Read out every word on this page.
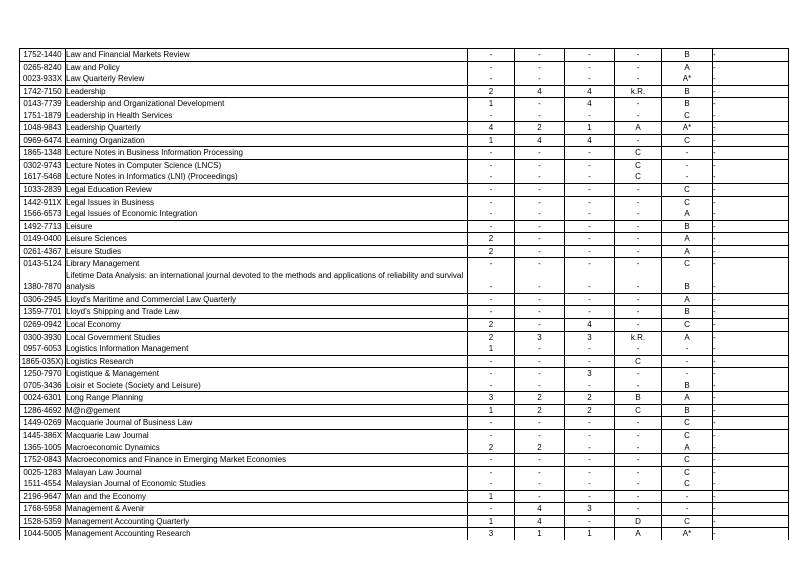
1752-1440	Law and Financial Markets Review	-	-	-	-	B	-
0265-8240	Law and Policy	-	-	-	-	A	-
0023-933X	Law Quarterly Review	-	-	-	-	A*	-
1742-7150	Leadership	2	4	4	k.R.	B	-
0143-7739	Leadership and Organizational Development	1	-	4	-	B	-
1751-1879	Leadership in Health Services	-	-	-	-	C	-
1048-9843	Leadership Quarterly	4	2	1	A	A*	-
0969-6474	Learning Organization	1	4	4	-	C	-
1865-1348	Lecture Notes in Business Information Processing	-	-	-	C	-	-
0302-9743	Lecture Notes in Computer Science (LNCS)	-	-	-	C	-	-
1617-5468	Lecture Notes in Informatics (LNI) (Proceedings)	-	-	-	C	-	-
1033-2839	Legal Education Review	-	-	-	-	C	-
1442-911X	Legal Issues in Business	-	-	-	-	C	-
1566-6573	Legal Issues of Economic Integration	-	-	-	-	A	-
1492-7713	Leisure	-	-	-	-	B	-
0149-0400	Leisure Sciences	2	-	-	-	A	-
0261-4367	Leisure Studies	2	-	-	-	A	-
0143-5124	Library Management	-	-	-	-	C	-
1380-7870	Lifetime Data Analysis: an international journal devoted to the methods and applications of reliability and survival analysis	-	-	-	-	B	-
0306-2945	Lloyd's Maritime and Commercial Law Quarterly	-	-	-	-	A	-
1359-7701	Lloyd's Shipping and Trade Law	-	-	-	-	B	-
0269-0942	Local Economy	2	-	4	-	C	-
0300-3930	Local Government Studies	2	3	3	k.R.	A	-
0957-6053	Logistics Information Management	1	-	-	-	-	-
1865-035X)	Logistics Research	-	-	-	C	-	-
1250-7970	Logistique & Management	-	-	3	-	-	-
0705-3436	Loisir et Societe (Society and Leisure)	-	-	-	-	B	-
0024-6301	Long Range Planning	3	2	2	B	A	-
1286-4692	M@n@gement	1	2	2	C	B	-
1449-0269	Macquarie Journal of Business Law	-	-	-	-	C	-
1445-386X	Macquarie Law Journal	-	-	-	-	C	-
1365-1005	Macroeconomic Dynamics	2	2	-	-	A	-
1752-0843	Macroeconomics and Finance in Emerging Market Economies	-	-	-	-	C	-
0025-1283	Malayan Law Journal	-	-	-	-	C	-
1511-4554	Malaysian Journal of Economic Studies	-	-	-	-	C	-
2196-9647	Man and the Economy	1	-	-	-	-	-
1768-5958	Management & Avenir	-	4	3	-	-	-
1528-5359	Management Accounting Quarterly	1	4	-	D	C	-
1044-5005	Management Accounting Research	3	1	1	A	A*	-
